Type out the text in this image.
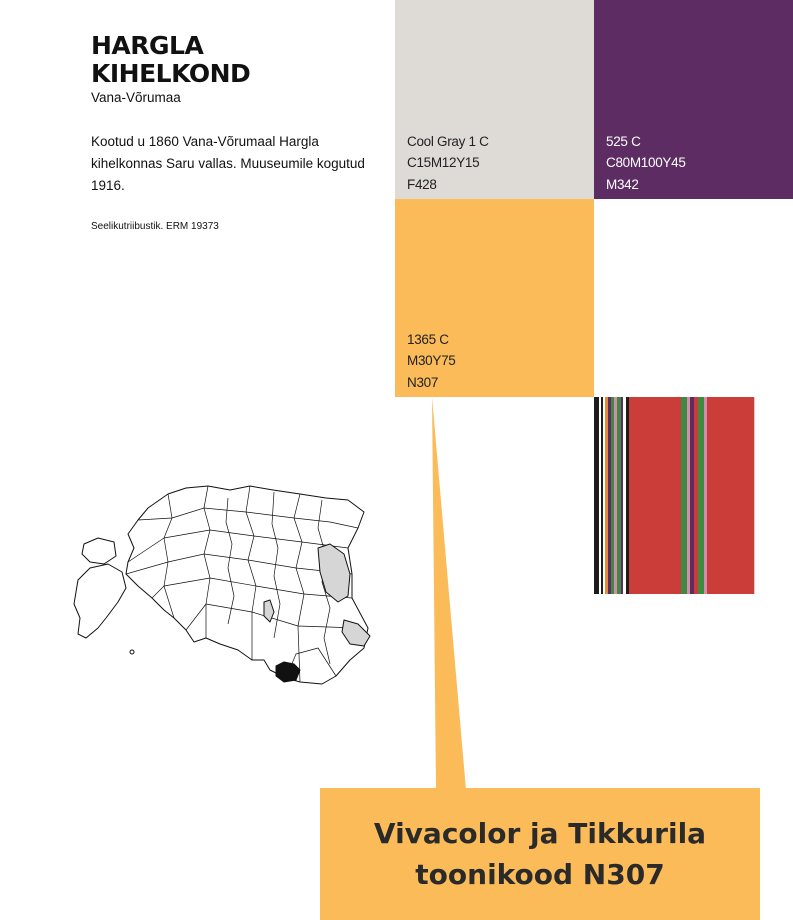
HARGLA
KIHELKOND
Vana-Võrumaa

Kootud u 1860 Vana-Võrumaal Hargla kihelkonnas Saru vallas. Muuseumile kogutud 1916.

Seelikutriibustik. ERM 19373
Cool Gray 1 C
C15M12Y15
F428
525 C
C80M100Y45
M342
1365 C
M30Y75
N307
Vivacolor ja Tikkurila
toonikood N307
